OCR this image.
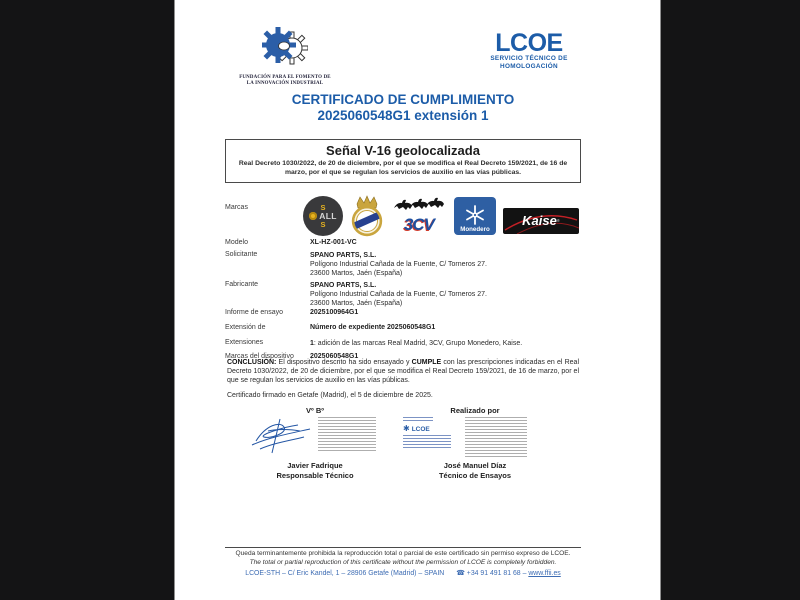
FUNDACIÓN PARA EL FOMENTO DE
LA INNOVACIÓN INDUSTRIAL
LCOE
SERVICIO TÉCNICO DE
HOMOLOGACIÓN
CERTIFICADO DE CUMPLIMIENTO
2025060548G1 extensión 1
Señal V-16 geolocalizada
Real Decreto 1030/2022, de 20 de diciembre, por el que se modifica el Real Decreto 159/2021, de 16 de marzo, por el que se regulan los servicios de auxilio en las vías públicas.
Marcas	S
ALL
S	3CV	Monedero
Kaise ®
Modelo	XL-HZ-001-VC
Solicitante	SPANO PARTS, S.L.
Polígono Industrial Cañada de la Fuente, C/ Torneros 27.
23600 Martos, Jaén (España)
Fabricante	SPANO PARTS, S.L.
Polígono Industrial Cañada de la Fuente, C/ Torneros 27.
23600 Martos, Jaén (España)
Informe de ensayo	2025100964G1
Extensión de	Número de expediente 2025060548G1
Extensiones	1: adición de las marcas Real Madrid, 3CV, Grupo Monedero, Kaise.
Marcas del dispositivo 2025060548G1
CONCLUSIÓN: El dispositivo descrito ha sido ensayado y CUMPLE con las prescripciones indicadas en el Real Decreto 1030/2022, de 20 de diciembre, por el que se modifica el Real Decreto 159/2021, de 16 de marzo, por el que se regulan los servicios de auxilio en las vías públicas.
Certificado firmado en Getafe (Madrid), el 5 de diciembre de 2025.
Vº Bº	Realizado por
✱ LCOE
Javier Fadrique
Responsable Técnico
José Manuel Díaz
Técnico de Ensayos
Queda terminantemente prohibida la reproducción total o parcial de este certificado sin permiso expreso de LCOE.
The total or partial reproduction of this certificate without the permission of LCOE is completely forbidden.
LCOE-STH – C/ Eric Kandel, 1 – 28906 Getafe (Madrid) – SPAIN ☎ +34 91 491 81 68 – www.ffii.es
